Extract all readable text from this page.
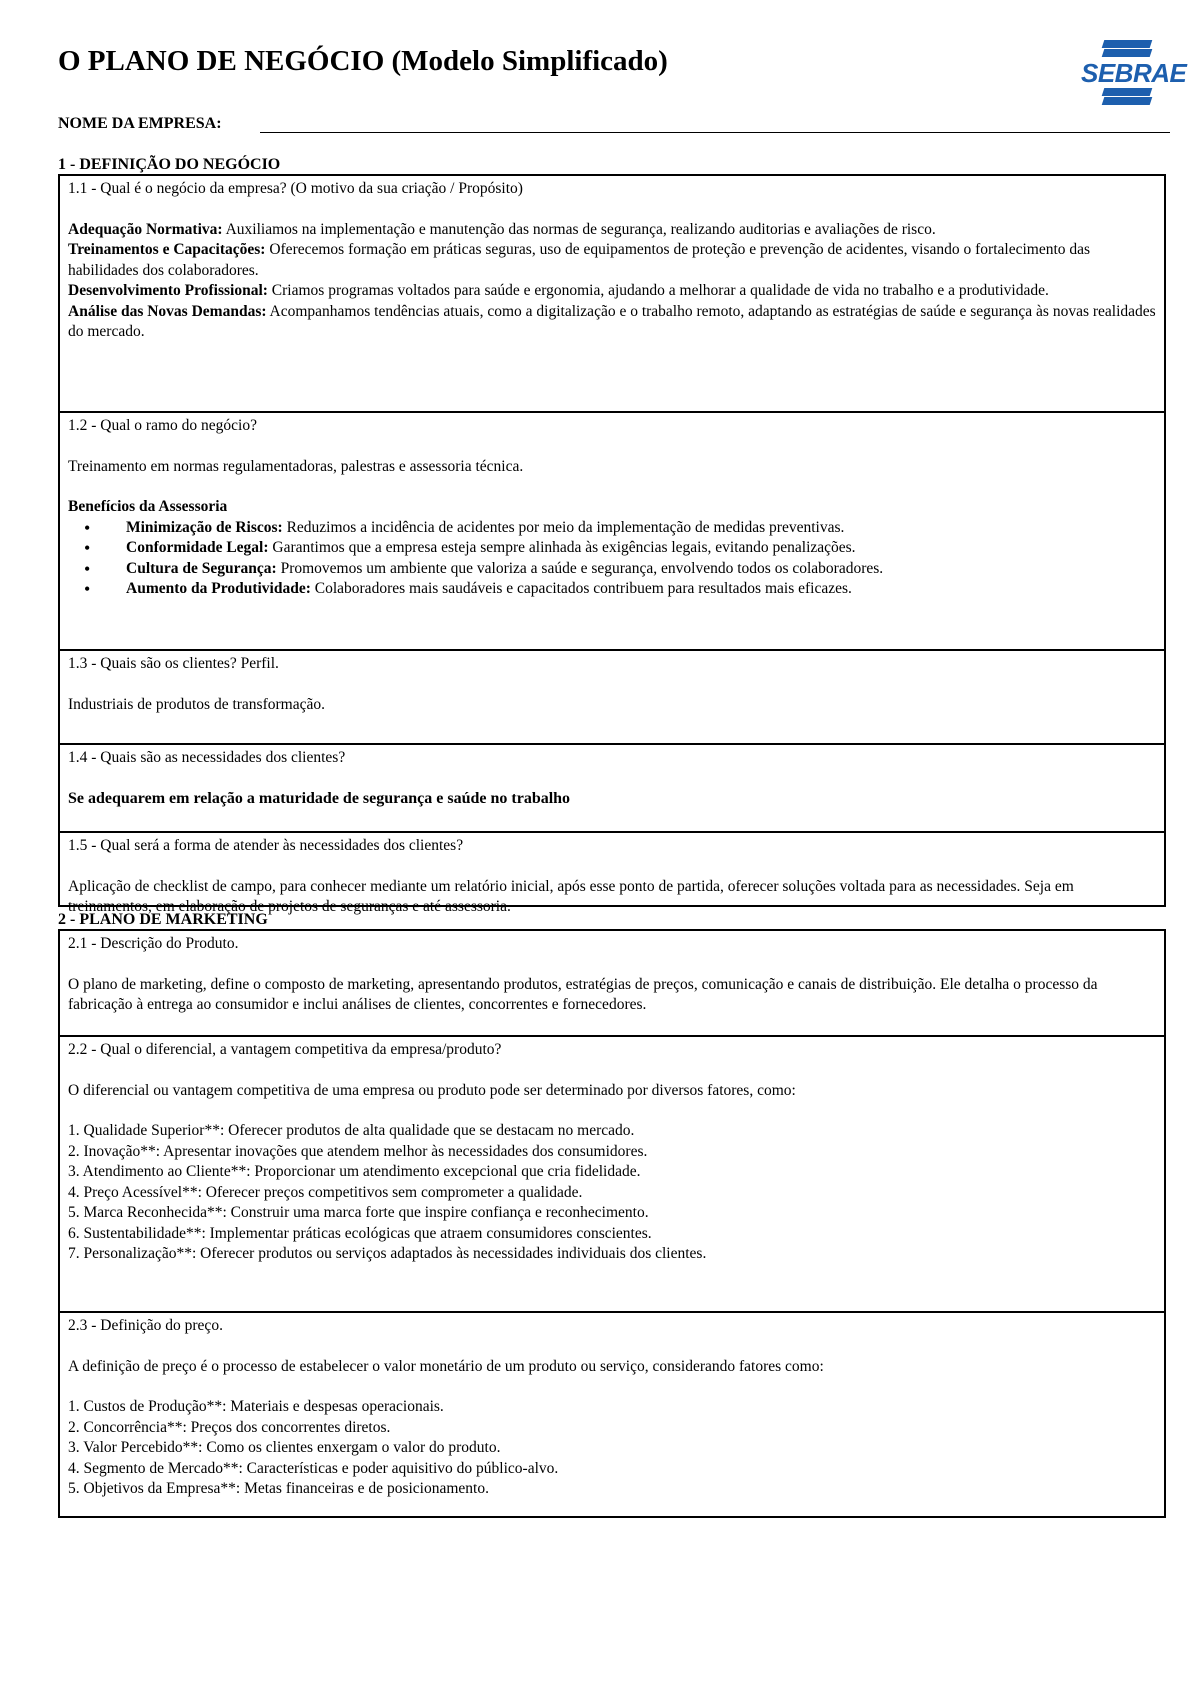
O PLANO DE NEGÓCIO (Modelo Simplificado)	SEBRAE
NOME DA EMPRESA:
1 - DEFINIÇÃO DO NEGÓCIO

1.1 - Qual é o negócio da empresa? (O motivo da sua criação / Propósito)

Adequação Normativa: Auxiliamos na implementação e manutenção das normas de segurança, realizando auditorias e avaliações de risco.

Treinamentos e Capacitações: Oferecemos formação em práticas seguras, uso de equipamentos de proteção e prevenção de acidentes, visando o fortalecimento das habilidades dos colaboradores.

Desenvolvimento Profissional: Criamos programas voltados para saúde e ergonomia, ajudando a melhorar a qualidade de vida no trabalho e a produtividade.

Análise das Novas Demandas: Acompanhamos tendências atuais, como a digitalização e o trabalho remoto, adaptando as estratégias de saúde e segurança às novas realidades do mercado.

1.2 - Qual o ramo do negócio?

Treinamento em normas regulamentadoras, palestras e assessoria técnica.

Benefícios da Assessoria

• Minimização de Riscos: Reduzimos a incidência de acidentes por meio da implementação de medidas preventivas.
• Conformidade Legal: Garantimos que a empresa esteja sempre alinhada às exigências legais, evitando penalizações.
• Cultura de Segurança: Promovemos um ambiente que valoriza a saúde e segurança, envolvendo todos os colaboradores.
• Aumento da Produtividade: Colaboradores mais saudáveis e capacitados contribuem para resultados mais eficazes.

1.3 - Quais são os clientes? Perfil.

Industriais de produtos de transformação.

1.4 - Quais são as necessidades dos clientes?

Se adequarem em relação a maturidade de segurança e saúde no trabalho

1.5 - Qual será a forma de atender às necessidades dos clientes?

Aplicação de checklist de campo, para conhecer mediante um relatório inicial, após esse ponto de partida, oferecer soluções voltada para as necessidades. Seja em treinamentos, em elaboração de projetos de seguranças e até assessoria.

2 - PLANO DE MARKETING

2.1 - Descrição do Produto.

O plano de marketing, define o composto de marketing, apresentando produtos, estratégias de preços, comunicação e canais de distribuição. Ele detalha o processo da fabricação à entrega ao consumidor e inclui análises de clientes, concorrentes e fornecedores.

2.2 - Qual o diferencial, a vantagem competitiva da empresa/produto?

O diferencial ou vantagem competitiva de uma empresa ou produto pode ser determinado por diversos fatores, como:

1. Qualidade Superior**: Oferecer produtos de alta qualidade que se destacam no mercado.

2. Inovação**: Apresentar inovações que atendem melhor às necessidades dos consumidores.

3. Atendimento ao Cliente**: Proporcionar um atendimento excepcional que cria fidelidade.

4. Preço Acessível**: Oferecer preços competitivos sem comprometer a qualidade.

5. Marca Reconhecida**: Construir uma marca forte que inspire confiança e reconhecimento.

6. Sustentabilidade**: Implementar práticas ecológicas que atraem consumidores conscientes.

7. Personalização**: Oferecer produtos ou serviços adaptados às necessidades individuais dos clientes.

2.3 - Definição do preço.

A definição de preço é o processo de estabelecer o valor monetário de um produto ou serviço, considerando fatores como:

1. Custos de Produção**: Materiais e despesas operacionais.

2. Concorrência**: Preços dos concorrentes diretos.

3. Valor Percebido**: Como os clientes enxergam o valor do produto.

4. Segmento de Mercado**: Características e poder aquisitivo do público-alvo.

5. Objetivos da Empresa**: Metas financeiras e de posicionamento.
